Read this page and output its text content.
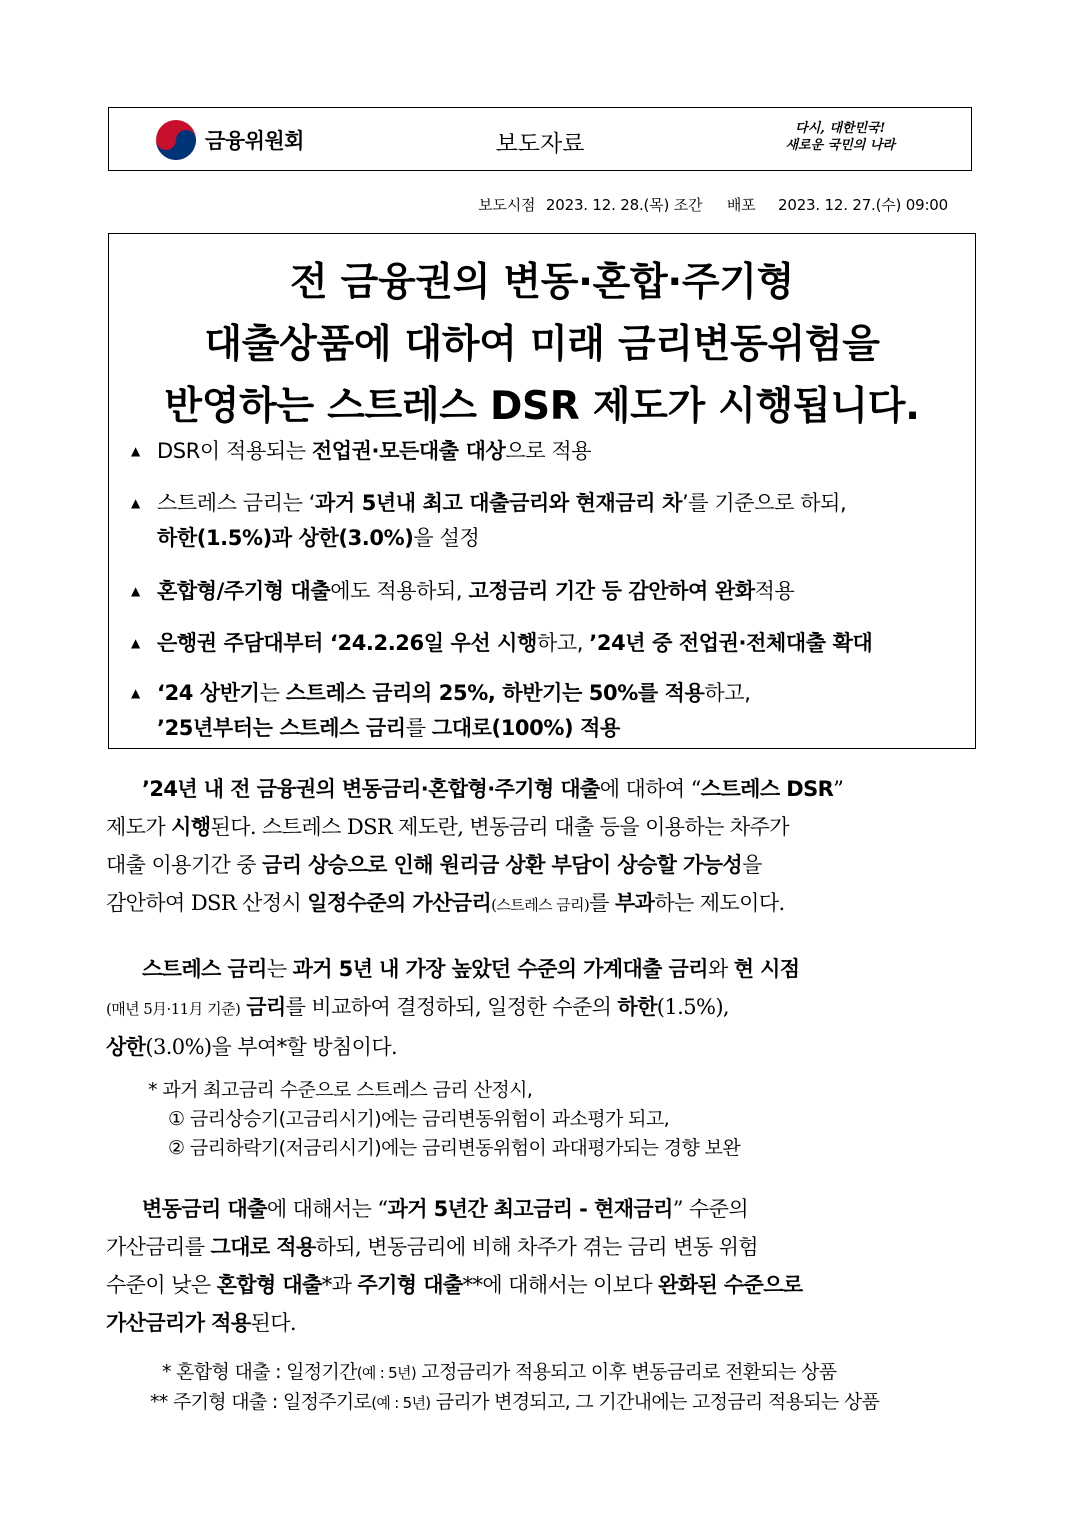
금융위원회	보도자료
다시, 대한민국!
새로운 국민의 나라
보도시점 2023. 12. 28.(목) 조간 배포 2023. 12. 27.(수) 09:00
전 금융권의 변동·혼합·주기형
대출상품에 대하여 미래 금리변동위험을
반영하는 스트레스 DSR 제도가 시행됩니다.
▲ DSR이 적용되는 전업권·모든대출 대상으로 적용
▲ 스트레스 금리는 ‘과거 5년내 최고 대출금리와 현재금리 차’를 기준으로 하되,
하한(1.5%)과 상한(3.0%)을 설정
▲ 혼합형/주기형 대출에도 적용하되, 고정금리 기간 등 감안하여 완화적용
▲ 은행권 주담대부터 ‘24.2.26일 우선 시행하고, ’24년 중 전업권·전체대출 확대
▲ ‘24 상반기는 스트레스 금리의 25%, 하반기는 50%를 적용하고,
’25년부터는 스트레스 금리를 그대로(100%) 적용
’24년 내 전 금융권의 변동금리·혼합형·주기형 대출에 대하여 “스트레스 DSR”
제도가 시행된다. 스트레스 DSR 제도란, 변동금리 대출 등을 이용하는 차주가
대출 이용기간 중 금리 상승으로 인해 원리금 상환 부담이 상승할 가능성을
감안하여 DSR 산정시 일정수준의 가산금리(스트레스 금리)를 부과하는 제도이다.
스트레스 금리는 과거 5년 내 가장 높았던 수준의 가계대출 금리와 현 시점
(매년 5月·11月 기준) 금리를 비교하여 결정하되, 일정한 수준의 하한(1.5%),
상한(3.0%)을 부여*할 방침이다.
* 과거 최고금리 수준으로 스트레스 금리 산정시,
① 금리상승기(고금리시기)에는 금리변동위험이 과소평가 되고,
② 금리하락기(저금리시기)에는 금리변동위험이 과대평가되는 경향 보완
변동금리 대출에 대해서는 “과거 5년간 최고금리 - 현재금리” 수준의
가산금리를 그대로 적용하되, 변동금리에 비해 차주가 겪는 금리 변동 위험
수준이 낮은 혼합형 대출*과 주기형 대출**에 대해서는 이보다 완화된 수준으로
가산금리가 적용된다.
* 혼합형 대출 : 일정기간(예 : 5년) 고정금리가 적용되고 이후 변동금리로 전환되는 상품
** 주기형 대출 : 일정주기로(예 : 5년) 금리가 변경되고, 그 기간내에는 고정금리 적용되는 상품
